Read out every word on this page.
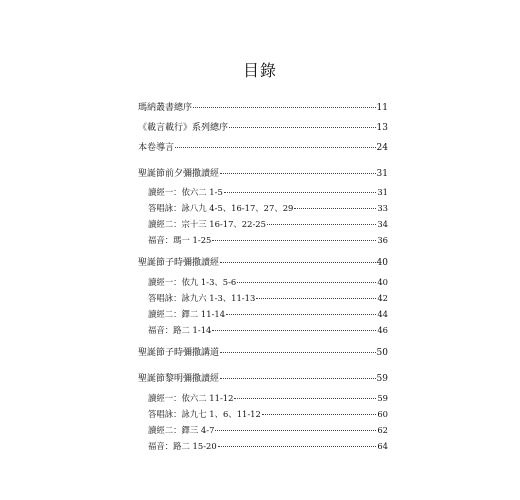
目錄
瑪納叢書總序	11
《載言載行》系列總序	13
本卷導言	24
聖誕節前夕彌撒讀經	31
讀經一：依六二 1-5	31
答唱詠：詠八九 4-5、16-17、27、29	33
讀經二：宗十三 16-17、22-25	34
福音：瑪一 1-25	36
聖誕節子時彌撒讀經	40
讀經一：依九 1-3、5-6	40
答唱詠：詠九六 1-3、11-13	42
讀經二：鐸二 11-14	44
福音：路二 1-14	46
聖誕節子時彌撒講道	50
聖誕節黎明彌撒讀經	59
讀經一：依六二 11-12	59
答唱詠：詠九七 1、6、11-12	60
讀經二：鐸三 4-7	62
福音：路二 15-20	64
